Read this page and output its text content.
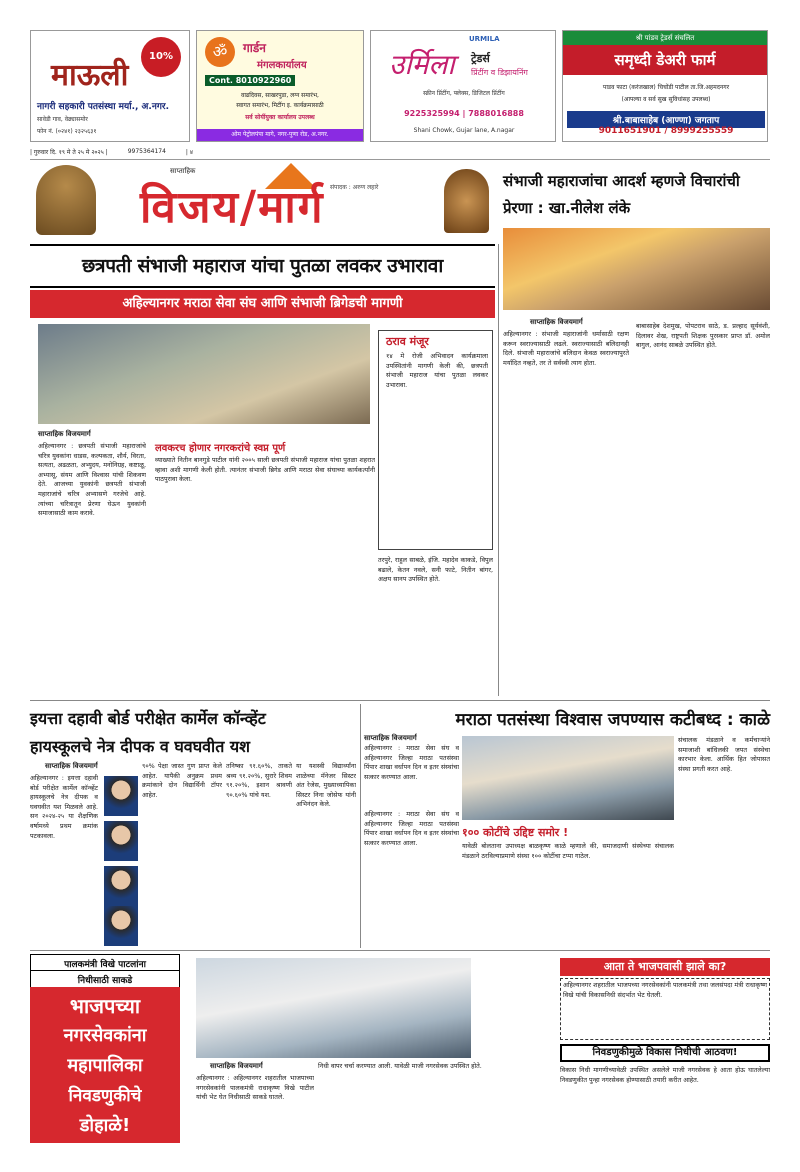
10%
माऊली
नागरी सहकारी पतसंस्था मर्या., अ.नगर.
सावेडी गाव, वेढ्यासमोर
फोन नं. (०२४१) २३२५६३१
ॐ	गार्डन
मंगलकार्यालय
Cont. 8010922960
वाढदिवस, साखरपुडा, लग्न समारंभ,
स्वागत समारंभ, मिटींग इ. कार्यक्रमासाठी
सर्व सोयींयुक्त कार्यालय उपलब्ध
ओम पेट्रोलपंपा मागे, नगर-पुणा रोड, अ.नगर.
URMILA
उर्मिला ट्रेडर्स
प्रिंटींग व डिझायनिंग
स्क्रीन प्रिंटींग, फ्लेक्स, डिजिटल प्रिंटींग
9225325994 | 7888016888
Shani Chowk, Gujar lane, A.nagar
श्री पांडव ट्रेडर्स संचलित
समृध्दी डेअरी फार्म
पाडव फाटा (करंजखाल) चिचोंडी पाटील ता.जि.अहमदनगर
(आपल्या व सर्व सुख सुविधांसह उपलब्ध)
श्री.बाबासाहेब (आण्णा) जगताप
9011651901 / 8999255559
| गुरुवार दि. १९ मे ते २५ मे २०२५ |	9975364174	| ४
साप्ताहिक
संपादक : अरुण लहारे
विजय/मार्ग
छत्रपती संभाजी महाराज यांचा पुतळा लवकर उभारावा
अहिल्यानगर मराठा सेवा संघ आणि संभाजी ब्रिगेडची मागणी
साप्ताहिक विजयमार्ग
अहिल्यानगर : छत्रपती संभाजी महाराजांचे चरित्र युवकांना धाडस, कल्पकता, शौर्य, विरता, सत्यता, अढळता, अभ्युदय, मनोनिग्रह, कष्टाळू, अभ्यासू, संयम आणि विश्वास यांची शिकवण देते. आजच्या युवकांनी छत्रपती संभाजी महाराजांचे चरित्र अभ्यासणे गरजेचे आहे. त्यांच्या चरित्रातून प्रेरणा घेऊन युवकांनी समाजासाठी काम करावे.
लवकरच होणार नगरकरांचे स्वप्न पूर्ण
व्याख्याते नितीन बानगुडे पाटील यांनी २००५ साली छत्रपती संभाजी महाराज यांचा पुतळा शहरात व्हावा अशी मागणी केली होती. त्यानंतर संभाजी ब्रिगेड आणि मराठा सेवा संघाच्या कार्यकर्त्यांनी पाठपुरावा केला.
ठराव मंजूर
१४ मे रोजी अभिवादन कार्यक्रमाला उपस्थितांनी मागणी केली की, छत्रपती संभाजी महाराज यांचा पुतळा लवकर उभारावा.
तरपुरे, राहुल साबळे, इंजि. महादेव काकडे, विपुल बढाले, केतन नवले, सनी फाटे, नितीन बांगर, अक्षय सानप उपस्थित होते.
संभाजी महाराजांचा आदर्श म्हणजे विचारांची प्रेरणा : खा.नीलेश लंके
साप्ताहिक विजयमार्ग
अहिल्यानगर : संभाजी महाराजांनी धर्मासाठी रक्षण करून स्वराज्यासाठी लढले. स्वराज्यासाठी बलिदानही दिले. संभाजी महाराजांचे बलिदान केवळ स्वराज्यापुरते मर्यादित नव्हते, तर ते सर्वस्वी त्याग होता.
बाबासाहेब देशमुख, पोपटराव साठे, ड. प्रल्हाद सूर्यवंशी, दिलावर शेख, राष्ट्रपती शिक्षक पुरस्कार प्राप्त डॉ. अमोल बागुल, आनंद साबळे उपस्थित होते.
इयत्ता दहावी बोर्ड परीक्षेत कार्मेल कॉन्व्हेंट
हायस्कूलचे नेत्र दीपक व घवघवीत यश
साप्ताहिक विजयमार्ग
अहिल्यानगर : इयत्ता दहावी बोर्ड परीक्षेत कार्मेल कॉन्व्हेंट हायस्कूलचे नेत्र दीपक व घवघवीत यश मिळवले आहे. सन २०२४-२५ या शैक्षणिक वर्षामध्ये प्रथम क्रमांक पटकावला.
९०% पेक्षा जास्त गुण प्राप्त केले आहेत. यापैकी अनुक्रम प्रथम क्रमांकाने दोन विद्यार्थिनी टॉपर आहेत.
तनिष्का ९१.६०%, ताकते श्रव्य ९१.२०%, सुरारे शिवम ९१.२०%, इशान श्रावणी ९०.६०% यांचे यश.
या यशस्वी विद्यार्थ्यांना शाळेच्या मॅनेजर सिस्टर अंत रेजेस, मुख्याध्यापिका सिस्टर निना जोसेफ यांनी अभिनंदन केले.
मराठा पतसंस्था विश्वास जपण्यास कटीबध्द : काळे
साप्ताहिक विजयमार्ग
अहिल्यानगर : मराठा सेवा संघ व अहिल्यानगर जिल्हा मराठा पतसंस्था पिंपार शाखा वर्धापन दिन व इतर संस्थांचा सत्कार करण्यात आला.
संचालक मंडळाने व कर्मचाऱ्यांने समाजाशी बांधिलकी जपत संस्थेचा कारभार केला. आर्थिक हित जोपासत संस्था प्रगती करत आहे.
१०० कोटींचे उद्दिष्ट समोर !
यावेळी बोलताना उपाध्यक्ष बाळकृष्ण काळे म्हणाले की, समाजदाणी संस्थेच्या संचालक मंडळाने ठरविल्याप्रमाणे संस्था १०० कोटींचा टप्पा गाठेल.
अहिल्यानगर : मराठा सेवा संघ व अहिल्यानगर जिल्हा मराठा पतसंस्था पिंपार शाखा वर्धापन दिन व इतर संस्थांचा सत्कार करण्यात आला.
पालकमंत्री विखे पाटलांना
निधीसाठी साकडे
भाजपच्या
नगरसेवकांना
महापालिका
निवडणुकीचे
डोहाळे!
साप्ताहिक विजयमार्ग
अहिल्यानगर : अहिल्यानगर शहरातील भाजपाच्या नगरसेवकांनी पालकमंत्री राधाकृष्ण विखे पाटील यांची भेट घेत निधीसाठी साकडे घातले.
निधी वापर चर्चा करण्यात आली. यावेळी माजी नगरसेवक उपस्थित होते.
आता ते भाजपवासी झाले का?
अहिल्यानगर शहरातील भाजपच्या नगरसेवकांनी पालकमंत्री तथा जलसंपदा मंत्री राधाकृष्ण विखे यांची विकासनिधी संदर्भात भेट घेतली.
निवडणुकीमुळे विकास निधीची आठवण!
विकास निधी मागणीच्यावेळी उपस्थित असलेले माजी नगरसेवक हे आता होऊ घातलेल्या निवडणुकीत पुन्हा नगरसेवक होण्यासाठी तयारी करीत आहेत.
